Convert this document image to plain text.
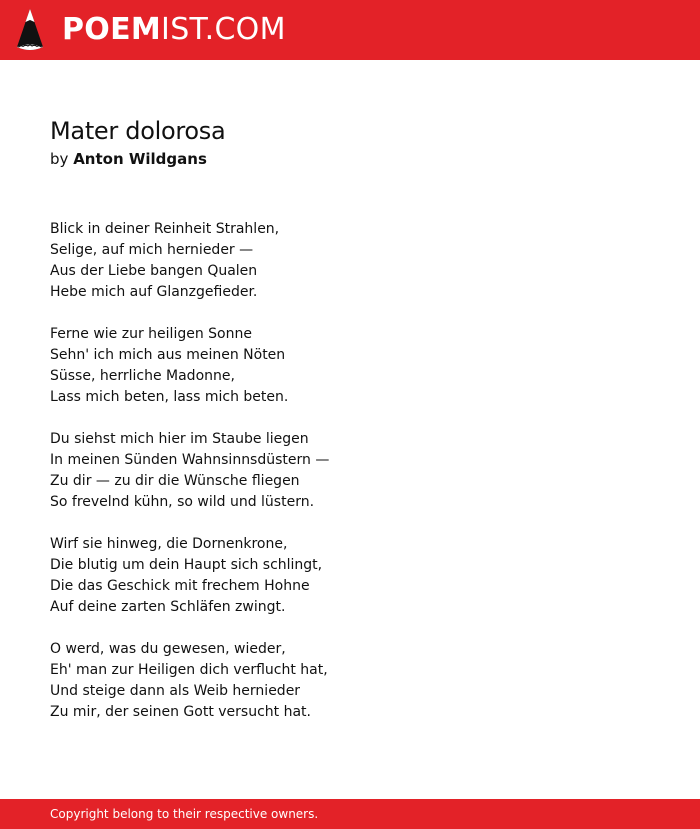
POEMIST.COM
Mater dolorosa
by Anton Wildgans
Blick in deiner Reinheit Strahlen,
Selige, auf mich hernieder —
Aus der Liebe bangen Qualen
Hebe mich auf Glanzgefieder.
Ferne wie zur heiligen Sonne
Sehn' ich mich aus meinen Nöten
Süsse, herrliche Madonne,
Lass mich beten, lass mich beten.
Du siehst mich hier im Staube liegen
In meinen Sünden Wahnsinnsdüstern —
Zu dir — zu dir die Wünsche fliegen
So frevelnd kühn, so wild und lüstern.
Wirf sie hinweg, die Dornenkrone,
Die blutig um dein Haupt sich schlingt,
Die das Geschick mit frechem Hohne
Auf deine zarten Schläfen zwingt.
O werd, was du gewesen, wieder,
Eh' man zur Heiligen dich verflucht hat,
Und steige dann als Weib hernieder
Zu mir, der seinen Gott versucht hat.
Copyright belong to their respective owners.
